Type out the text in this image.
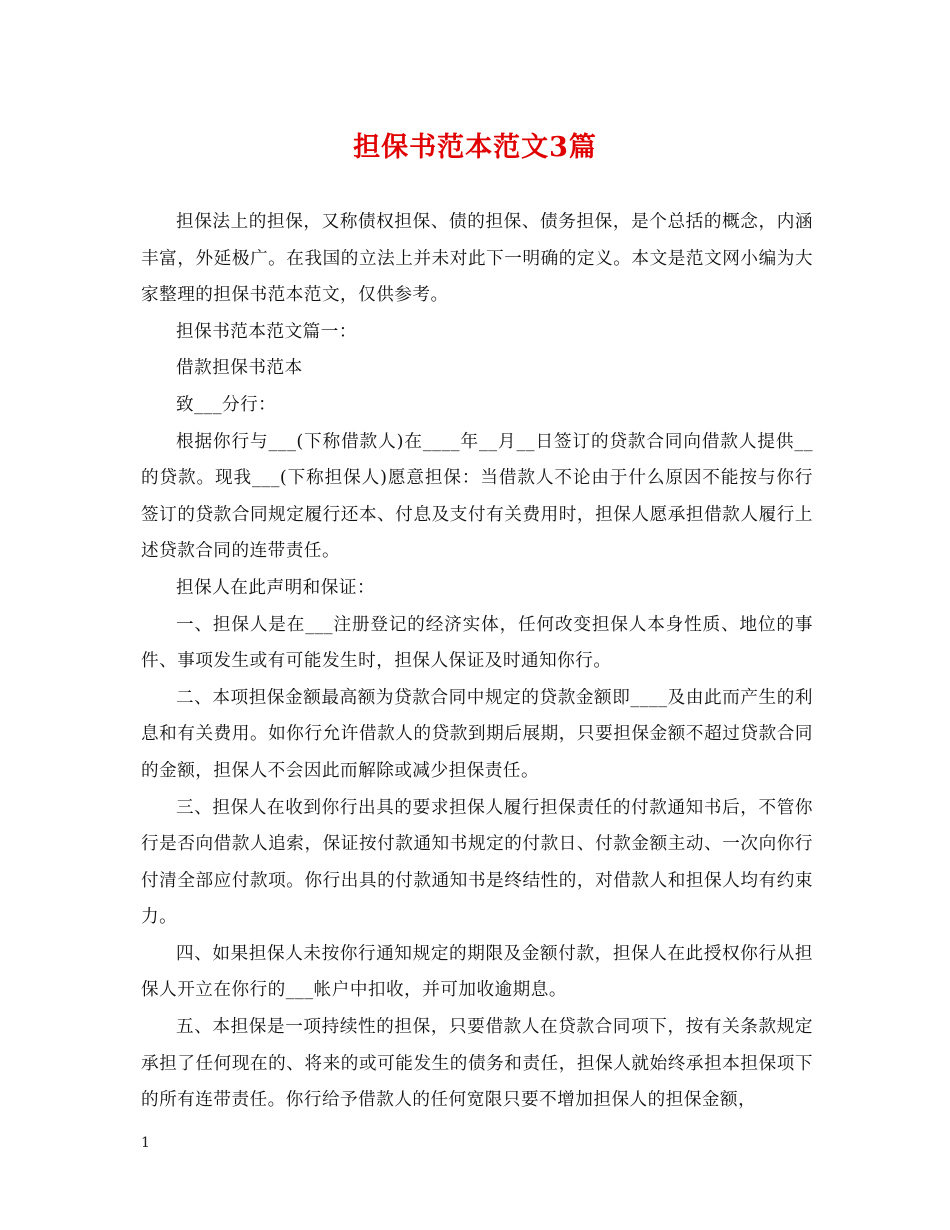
担保书范本范文3篇

担保法上的担保，又称债权担保、债的担保、债务担保，是个总括的概念，内涵丰富，外延极广。在我国的立法上并未对此下一明确的定义。本文是范文网小编为大家整理的担保书范本范文，仅供参考。

担保书范本范文篇一：

借款担保书范本

致___分行：

根据你行与___(下称借款人)在____年__月__日签订的贷款合同向借款人提供__的贷款。现我___(下称担保人)愿意担保：当借款人不论由于什么原因不能按与你行签订的贷款合同规定履行还本、付息及支付有关费用时，担保人愿承担借款人履行上述贷款合同的连带责任。

担保人在此声明和保证：

一、担保人是在___注册登记的经济实体，任何改变担保人本身性质、地位的事件、事项发生或有可能发生时，担保人保证及时通知你行。

二、本项担保金额最高额为贷款合同中规定的贷款金额即____及由此而产生的利息和有关费用。如你行允许借款人的贷款到期后展期，只要担保金额不超过贷款合同的金额，担保人不会因此而解除或减少担保责任。

三、担保人在收到你行出具的要求担保人履行担保责任的付款通知书后，不管你行是否向借款人追索，保证按付款通知书规定的付款日、付款金额主动、一次向你行付清全部应付款项。你行出具的付款通知书是终结性的，对借款人和担保人均有约束力。

四、如果担保人未按你行通知规定的期限及金额付款，担保人在此授权你行从担保人开立在你行的___帐户中扣收，并可加收逾期息。

五、本担保是一项持续性的担保，只要借款人在贷款合同项下，按有关条款规定承担了任何现在的、将来的或可能发生的债务和责任，担保人就始终承担本担保项下的所有连带责任。你行给予借款人的任何宽限只要不增加担保人的担保金额，

1
